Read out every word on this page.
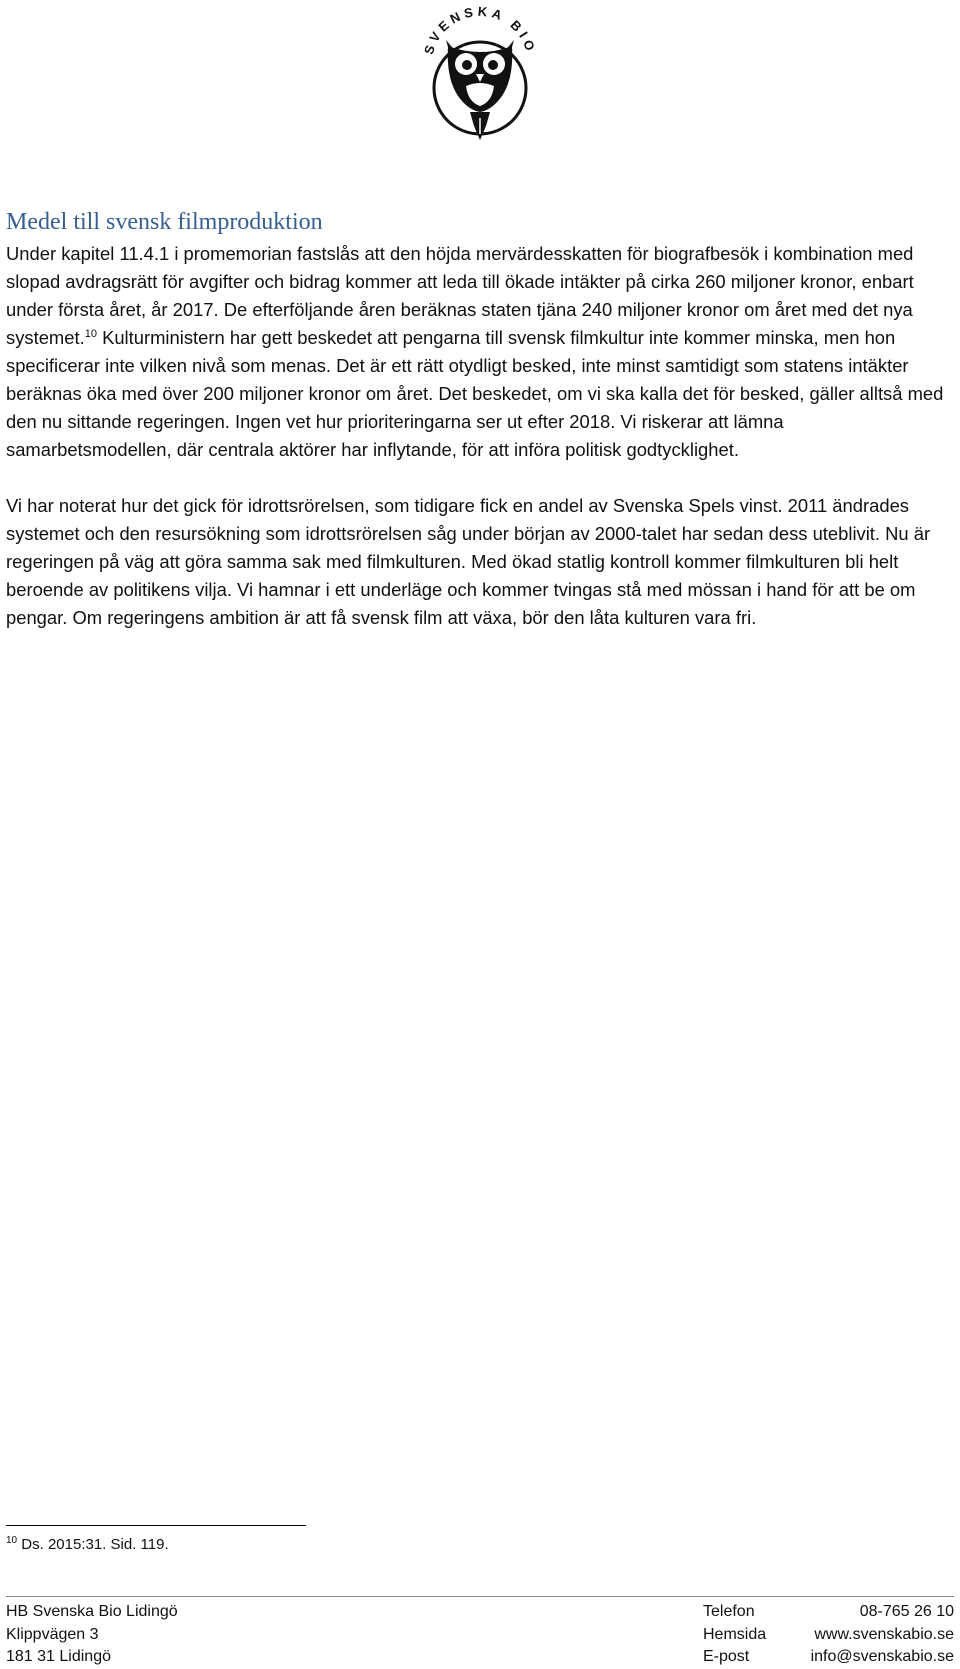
SVENSKA BIO
Medel till svensk filmproduktion

Under kapitel 11.4.1 i promemorian fastslås att den höjda mervärdesskatten för biografbesök i kombination med slopad avdragsrätt för avgifter och bidrag kommer att leda till ökade intäkter på cirka 260 miljoner kronor, enbart under första året, år 2017. De efterföljande åren beräknas staten tjäna 240 miljoner kronor om året med det nya systemet.$^{10}$ Kulturministern har gett beskedet att pengarna till svensk filmkultur inte kommer minska, men hon specificerar inte vilken nivå som menas. Det är ett rätt otydligt besked, inte minst samtidigt som statens intäkter beräknas öka med över 200 miljoner kronor om året. Det beskedet, om vi ska kalla det för besked, gäller alltså med den nu sittande regeringen. Ingen vet hur prioriteringarna ser ut efter 2018. Vi riskerar att lämna samarbetsmodellen, där centrala aktörer har inflytande, för att införa politisk godtycklighet.

Vi har noterat hur det gick för idrottsrörelsen, som tidigare fick en andel av Svenska Spels vinst. 2011 ändrades systemet och den resursökning som idrottsrörelsen såg under början av 2000-talet har sedan dess uteblivit. Nu är regeringen på väg att göra samma sak med filmkulturen. Med ökad statlig kontroll kommer filmkulturen bli helt beroende av politikens vilja. Vi hamnar i ett underläge och kommer tvingas stå med mössan i hand för att be om pengar. Om regeringens ambition är att få svensk film att växa, bör den låta kulturen vara fri.

$^{10}$ Ds. 2015:31. Sid. 119.
HB Svenska Bio Lidingö
Klippvägen 3
181 31 Lidingö
Telefon
Hemsida
E-post
08-765 26 10
www.svenskabio.se
info@svenskabio.se
